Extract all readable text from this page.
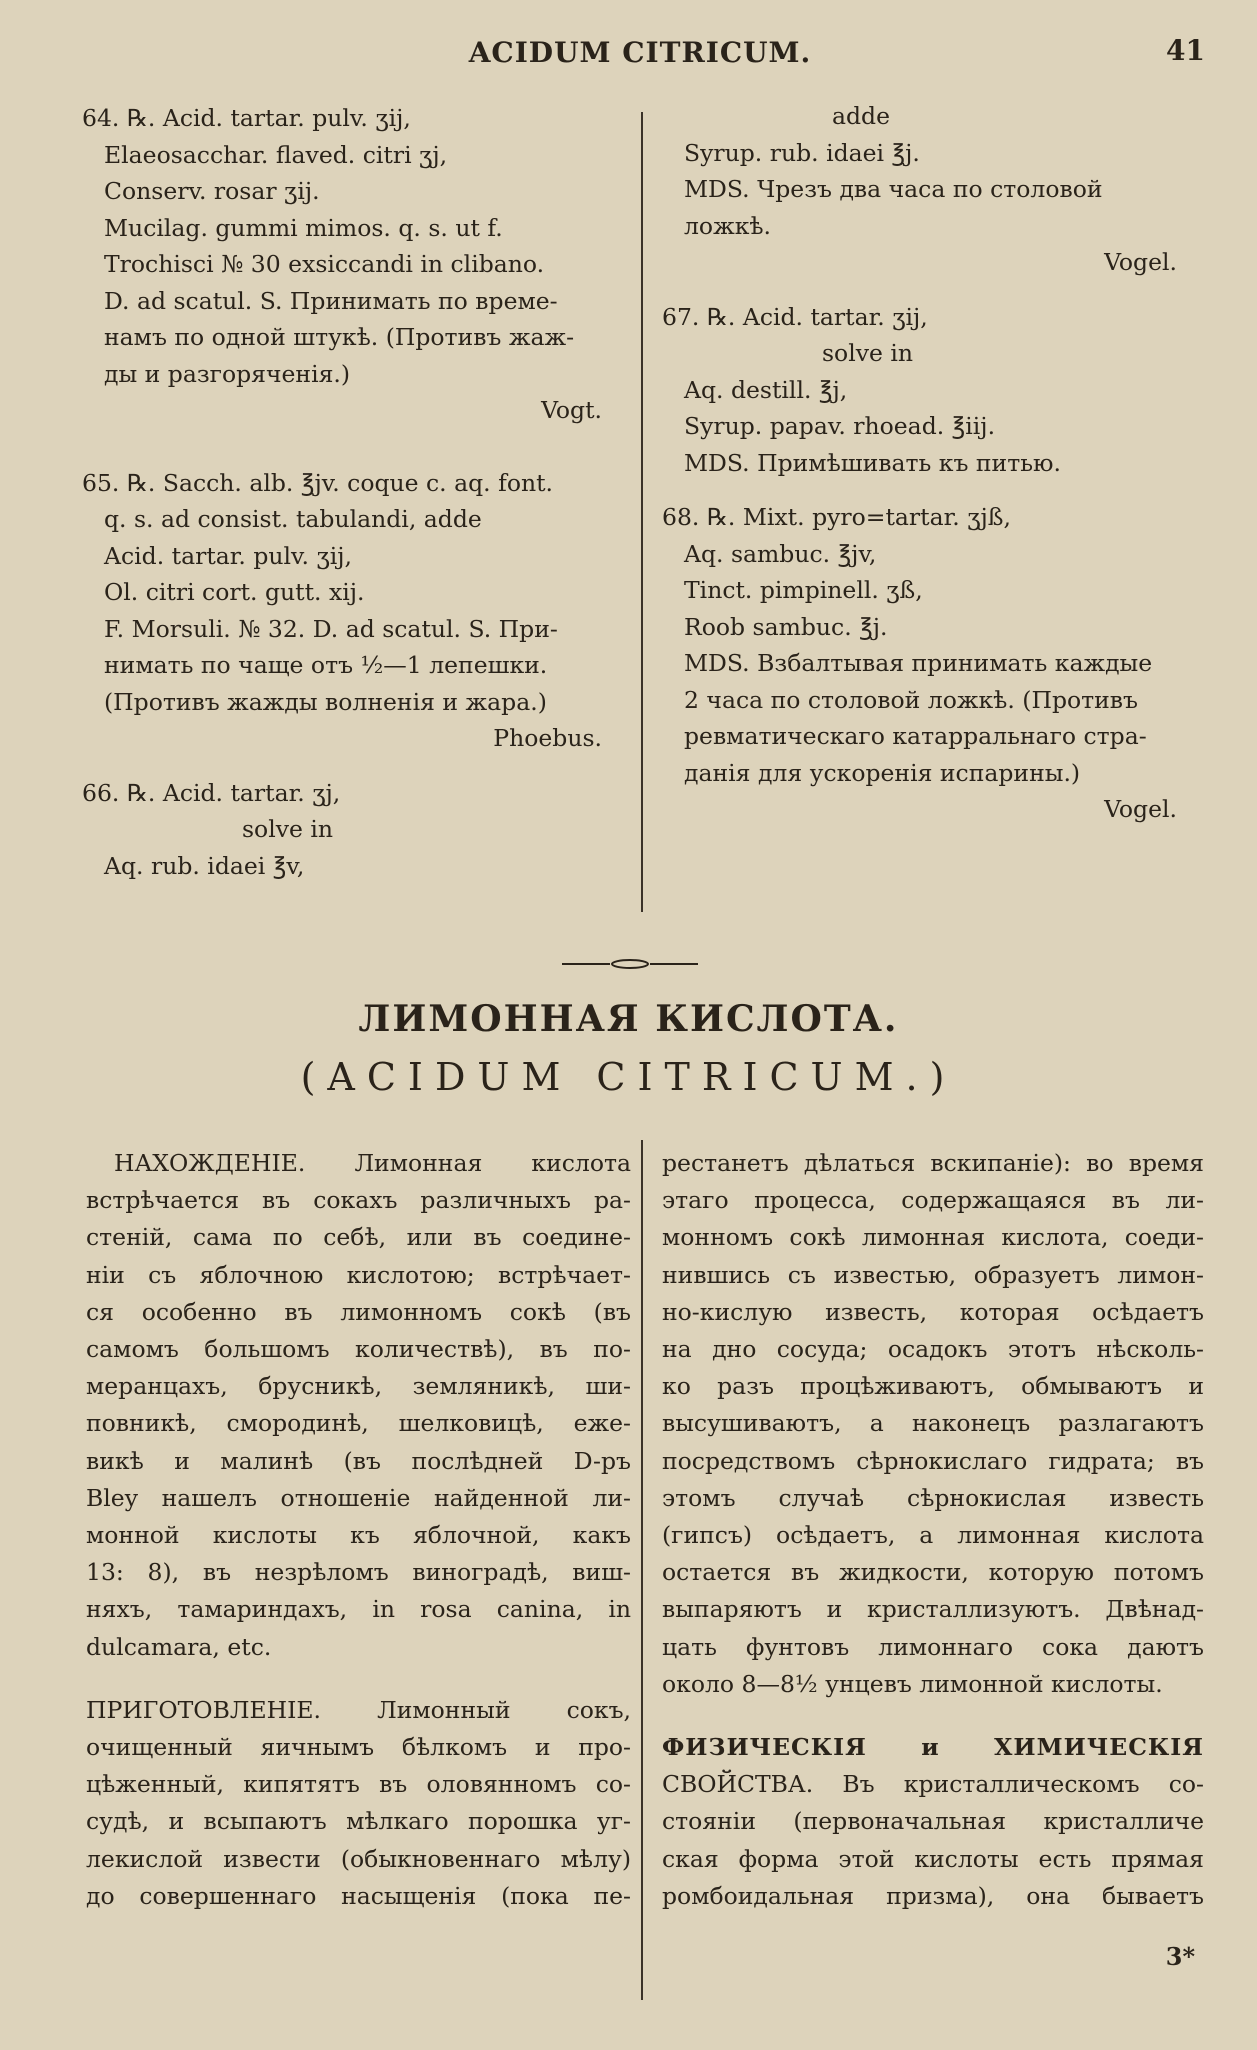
ACIDUM CITRICUM.	41
64. ℞. Acid. tartar. pulv. ʒij,
Elaeosacchar. flaved. citri ʒj,
Conserv. rosar ʒij.
Mucilag. gummi mimos. q. s. ut f.
Trochisci № 30 exsiccandi in clibano.
D. ad scatul. S. Принимать по време-
намъ по одной штукѣ. (Противъ жаж-
ды и разгоряченія.)
Vogt.
65. ℞. Sacch. alb. ℥jv. coque c. aq. font.
q. s. ad consist. tabulandi, adde
Acid. tartar. pulv. ʒij,
Ol. citri cort. gutt. xij.
F. Morsuli. № 32. D. ad scatul. S. При-
нимать по чаще отъ ½—1 лепешки.
(Противъ жажды волненія и жара.)
Phoebus.
66. ℞. Acid. tartar. ʒj,
solve in
Aq. rub. idaei ℥v,
adde
Syrup. rub. idaei ℥j.
MDS. Чрезъ два часа по столовой
ложкѣ.
Vogel.
67. ℞. Acid. tartar. ʒij,
solve in
Aq. destill. ℥j,
Syrup. papav. rhoead. ℥iij.
MDS. Примѣшивать къ питью.
68. ℞. Mixt. pyro=tartar. ʒjß,
Aq. sambuc. ℥jv,
Tinct. pimpinell. ʒß,
Roob sambuc. ℥j.
MDS. Взбалтывая принимать каждые
2 часа по столовой ложкѣ. (Противъ
ревматическаго катарральнаго стра-
данія для ускоренія испарины.)
Vogel.
ЛИМОННАЯ КИСЛОТА.
(ACIDUM CITRICUM.)
НАХОЖДЕНІЕ. Лимонная кислота
встрѣчается въ сокахъ различныхъ ра-
стеній, сама по себѣ, или въ соедине-
ніи съ яблочною кислотою; встрѣчает-
ся особенно въ лимонномъ сокѣ (въ
самомъ большомъ количествѣ), въ по-
меранцахъ, брусникѣ, земляникѣ, ши-
повникѣ, смородинѣ, шелковицѣ, еже-
викѣ и малинѣ (въ послѣдней D-ръ
Bley нашелъ отношеніе найденной ли-
монной кислоты къ яблочной, какъ
13: 8), въ незрѣломъ виноградѣ, виш-
няхъ, тамариндахъ, in rosa canina, in
dulcamara, etc.
ПРИГОТОВЛЕНІЕ. Лимонный сокъ,
очищенный яичнымъ бѣлкомъ и про-
цѣженный, кипятятъ въ оловянномъ со-
судѣ, и всыпаютъ мѣлкаго порошка уг-
лекислой извести (обыкновеннаго мѣлу)
до совершеннаго насыщенія (пока пе-
рестанетъ дѣлаться вскипаніе): во время
этаго процесса, содержащаяся въ ли-
монномъ сокѣ лимонная кислота, соеди-
нившись съ известью, образуетъ лимон-
но-кислую известь, которая осѣдаетъ
на дно сосуда; осадокъ этотъ нѣсколь-
ко разъ процѣживаютъ, обмываютъ и
высушиваютъ, а наконецъ разлагаютъ
посредствомъ сѣрнокислаго гидрата; въ
этомъ случаѣ сѣрнокислая известь
(гипсъ) осѣдаетъ, а лимонная кислота
остается въ жидкости, которую потомъ
выпаряютъ и кристаллизуютъ. Двѣнад-
цать фунтовъ лимоннаго сока даютъ
около 8—8½ унцевъ лимонной кислоты.
ФИЗИЧЕСКІЯ и ХИМИЧЕСКІЯ
СВОЙСТВА. Въ кристаллическомъ со-
стояніи (первоначальная кристалличе
ская форма этой кислоты есть прямая
ромбоидальная призма), она бываетъ
3*
